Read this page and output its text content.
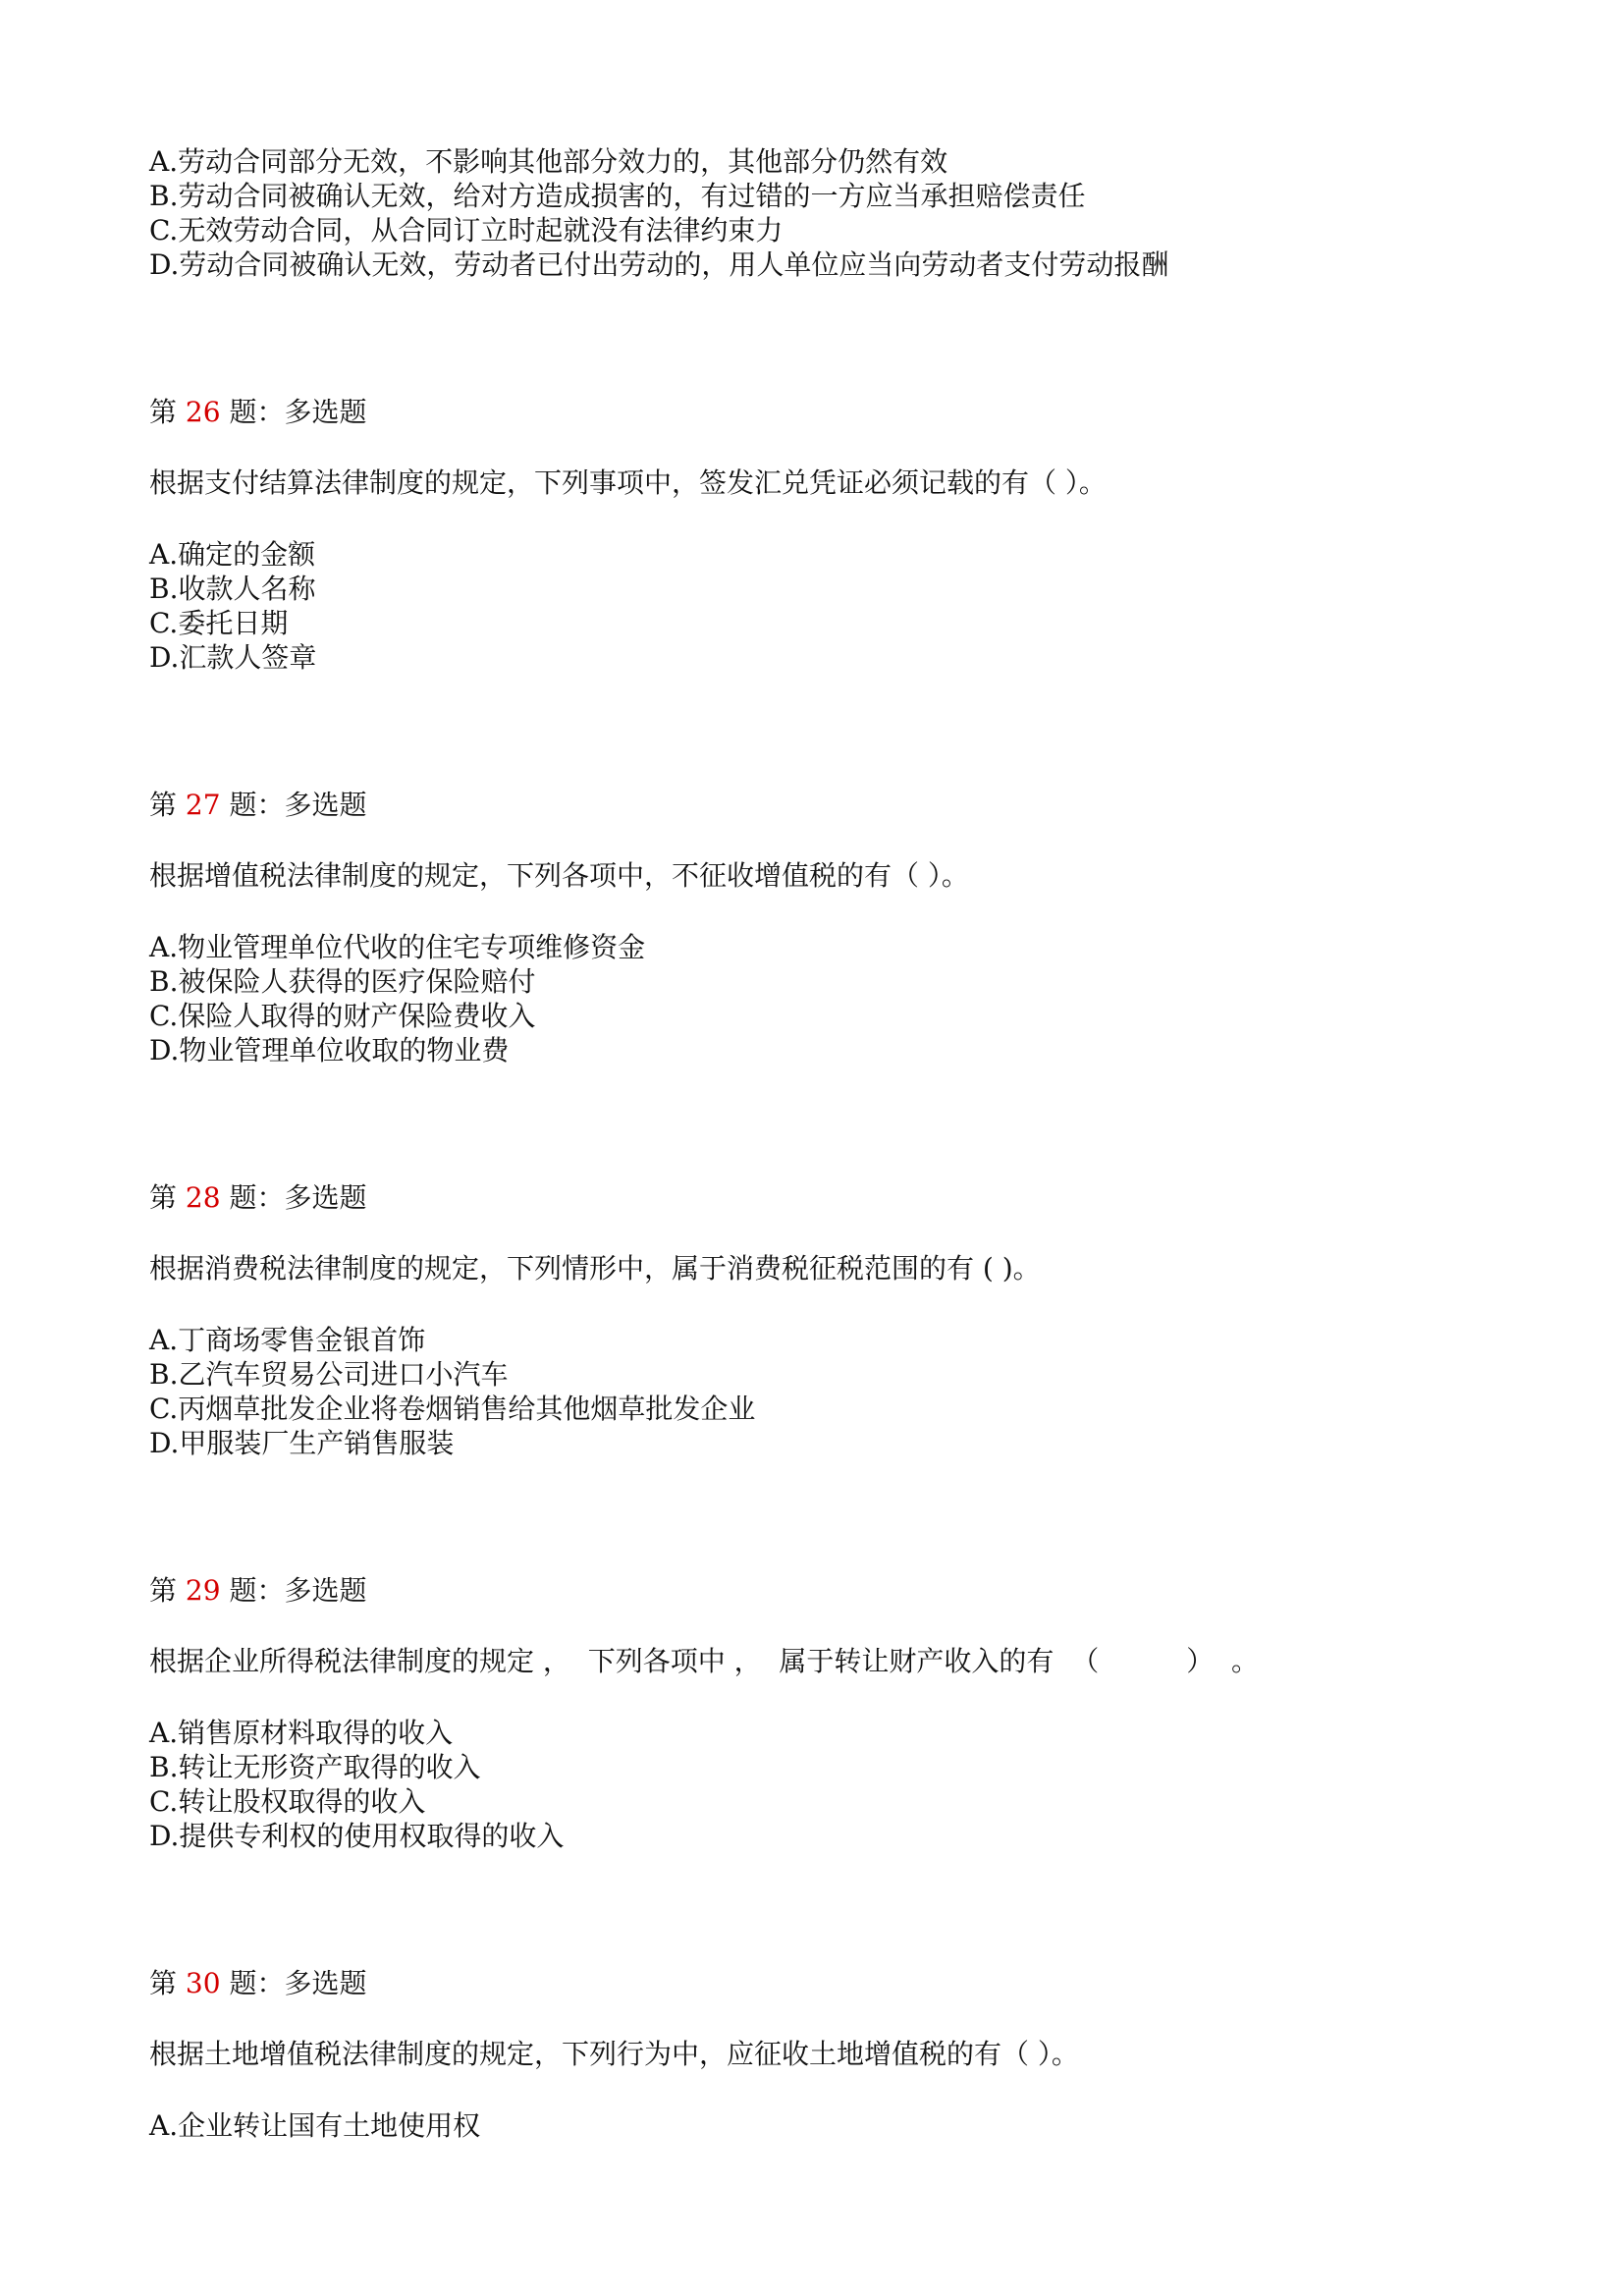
A.劳动合同部分无效，不影响其他部分效力的，其他部分仍然有效
B.劳动合同被确认无效，给对方造成损害的，有过错的一方应当承担赔偿责任
C.无效劳动合同，从合同订立时起就没有法律约束力
D.劳动合同被确认无效，劳动者已付出劳动的，用人单位应当向劳动者支付劳动报酬
第 26 题：多选题
根据支付结算法律制度的规定，下列事项中，签发汇兑凭证必须记载的有（ ）。
A.确定的金额
B.收款人名称
C.委托日期
D.汇款人签章
第 27 题：多选题
根据增值税法律制度的规定，下列各项中，不征收增值税的有（ ）。
A.物业管理单位代收的住宅专项维修资金
B.被保险人获得的医疗保险赔付
C.保险人取得的财产保险费收入
D.物业管理单位收取的物业费
第 28 题：多选题
根据消费税法律制度的规定，下列情形中，属于消费税征税范围的有 ( )。
A.丁商场零售金银首饰
B.乙汽车贸易公司进口小汽车
C.丙烟草批发企业将卷烟销售给其他烟草批发企业
D.甲服装厂生产销售服装
第 29 题：多选题
根据企业所得税法律制度的规定 ，  下列各项中 ，  属于转让财产收入的有  （          ）  。
A.销售原材料取得的收入
B.转让无形资产取得的收入
C.转让股权取得的收入
D.提供专利权的使用权取得的收入
第 30 题：多选题
根据土地增值税法律制度的规定，下列行为中，应征收土地增值税的有（ ）。
A.企业转让国有土地使用权
